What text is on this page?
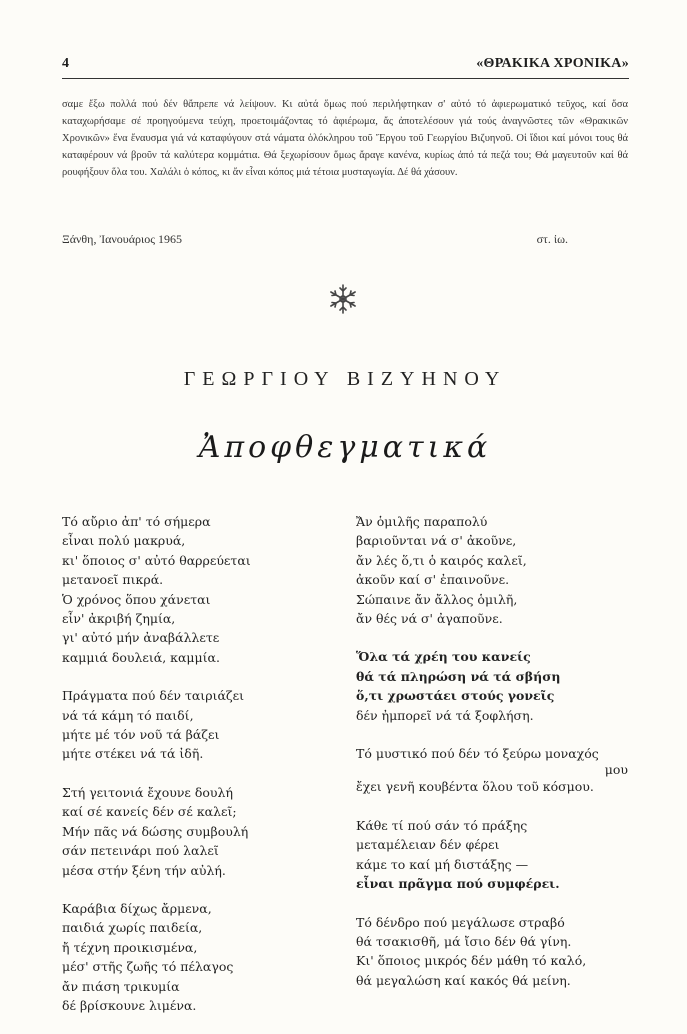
4	«ΘΡΑΚΙΚΑ ΧΡΟΝΙΚΑ»

σαμε ἔξω πολλά πού δέν θἄπρεπε νά λείψουν. Κι αὐτά ὅμως πού περιλήφτηκαν σ' αὐτό τό ἀφιερωματικό τεῦχος, καί ὅσα καταχωρήσαμε σέ προηγούμενα τεύχη, προετοιμάζοντας τό ἀφιέρωμα, ἄς ἀποτελέσουν γιά τούς ἀναγνῶστες τῶν «Θρακικῶν Χρονικῶν» ἕνα ἔναυσμα γιά νά καταφύγουν στά νάματα ὁλόκληρου τοῦ Ἔργου τοῦ Γεωργίου Βιζυηνοῦ. Οἱ ἴδιοι καί μόνοι τους θά καταφέρουν νά βροῦν τά καλύτερα κομμάτια. Θά ξεχωρίσουν ὅμως ἄραγε κανένα, κυρίως ἀπό τά πεζά του; Θά μαγευτοῦν καί θά ρουφήξουν ὅλα του. Χαλάλι ὁ κόπος, κι ἄν εἶναι κόπος μιά τέτοια μυσταγωγία. Δέ θά χάσουν.

Ξάνθη, Ἰανουάριος 1965	στ. ἰω.
ΓΕΩΡΓΙΟΥ ΒΙΖΥΗΝΟΥ
Ἀποφθεγματικά
Τό αὔριο ἀπ' τό σήμερα
εἶναι πολύ μακρυά,
κι' ὅποιος σ' αὐτό θαρρεύεται
μετανοεῖ πικρά.
Ὁ χρόνος ὅπου χάνεται
εἶν' ἀκριβή ζημία,
γι' αὐτό μήν ἀναβάλλετε
καμμιά δουλειά, καμμία.
Πράγματα πού δέν ταιριάζει
νά τά κάμη τό παιδί,
μήτε μέ τόν νοῦ τά βάζει
μήτε στέκει νά τά ἰδῆ.
Στή γειτονιά ἔχουνε δουλή
καί σέ κανείς δέν σέ καλεῖ;
Μήν πᾶς νά δώσης συμβουλή
σάν πετεινάρι πού λαλεῖ
μέσα στήν ξένη τήν αὐλή.
Καράβια δίχως ἄρμενα,
παιδιά χωρίς παιδεία,
ἤ τέχνη προικισμένα,
μέσ' στῆς ζωῆς τό πέλαγος
ἄν πιάση τρικυμία
δέ βρίσκουνε λιμένα.
Ἄν ὁμιλῆς παραπολύ
βαριοῦνται νά σ' ἀκοῦνε,
ἄν λές ὅ,τι ὁ καιρός καλεῖ,
ἀκοῦν καί σ' ἐπαινοῦνε.
Σώπαινε ἄν ἄλλος ὁμιλῆ,
ἄν θές νά σ' ἀγαποῦνε.
Ὅλα τά χρέη του κανείς
θά τά πληρώση νά τά σβήση
ὅ,τι χρωστάει στούς γονεῖς
δέν ἠμπορεῖ νά τά ξοφλήση.
Τό μυστικό πού δέν τό ξεύρω μοναχός
μου
ἔχει γενῆ κουβέντα ὅλου τοῦ κόσμου.
Κάθε τί πού σάν τό πράξης
μεταμέλειαν δέν φέρει
κάμε το καί μή διστάξης —
εἶναι πρᾶγμα πού συμφέρει.
Τό δένδρο πού μεγάλωσε στραβό
θά τσακισθῆ, μά ἴσιο δέν θά γίνη.
Κι' ὅποιος μικρός δέν μάθη τό καλό,
θά μεγαλώση καί κακός θά μείνη.
